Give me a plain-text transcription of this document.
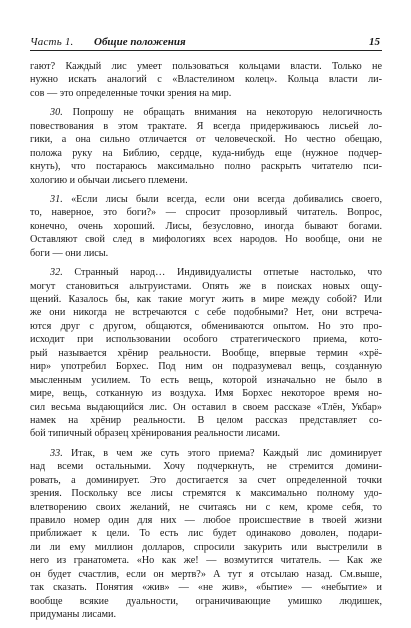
Часть 1. Общие положения	15
гают? Каждый лис умеет пользоваться кольцами власти. Только не
нужно искать аналогий с «Властелином колец». Кольца власти ли-
сов — это определенные точки зрения на мир.
30. Попрошу не обращать внимания на некоторую нелогичность
повествования в этом трактате. Я всегда придерживаюсь лисьей ло-
гики, а она сильно отличается от человеческой. Но честно обещаю,
положа руку на Библию, сердце, куда-нибудь еще (нужное подчер-
кнуть), что постараюсь максимально полно раскрыть читателю пси-
хологию и обычаи лисьего племени.
31. «Если лисы были всегда, если они всегда добивались своего,
то, наверное, это боги?» — спросит прозорливый читатель. Вопрос,
конечно, очень хороший. Лисы, безусловно, иногда бывают богами.
Оставляют свой след в мифологиях всех народов. Но вообще, они не
боги — они лисы.
32. Странный народ… Индивидуалисты отпетые настолько, что
могут становиться альтруистами. Опять же в поисках новых ощу-
щений. Казалось бы, как такие могут жить в мире между собой? Или
же они никогда не встречаются с себе подобными? Нет, они встреча-
ются друг с другом, общаются, обмениваются опытом. Но это про-
исходит при использовании особого стратегического приема, кото-
рый называется хрёнир реальности. Вообще, впервые термин «хрё-
нир» употребил Борхес. Под ним он подразумевал вещь, созданную
мысленным усилием. То есть вещь, которой изначально не было в
мире, вещь, сотканную из воздуха. Имя Борхес некоторое время но-
сил весьма выдающийся лис. Он оставил в своем рассказе «Тлён, Укбар»
намек на хрёнир реальности. В целом рассказ представляет со-
бой типичный образец хрёнирования реальности лисами.
33. Итак, в чем же суть этого приема? Каждый лис доминирует
над всеми остальными. Хочу подчеркнуть, не стремится домини-
ровать, а доминирует. Это достигается за счет определенной точки
зрения. Поскольку все лисы стремятся к максимально полному удо-
влетворению своих желаний, не считаясь ни с кем, кроме себя, то
правило номер один для них — любое происшествие в твоей жизни
приближает к цели. То есть лис будет одинаково доволен, подари-
ли ли ему миллион долларов, спросили закурить или выстрелили в
него из гранатомета. «Но как же! — возмутится читатель. — Как же
он будет счастлив, если он мертв?» А тут я отсылаю назад. См.выше,
так сказать. Понятия «жив» — «не жив», «бытие» — «небытие» и
вообще всякие дуальности, ограничивающие умишко людишек,
придуманы лисами.
